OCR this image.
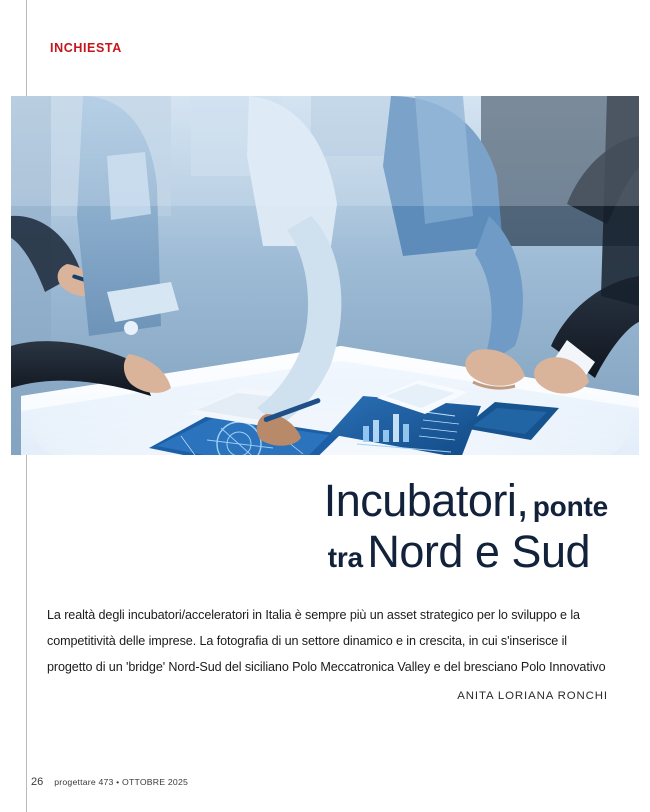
INCHIESTA
Incubatori, ponte
tra Nord e Sud

La realtà degli incubatori/acceleratori in Italia è sempre più un asset strategico per lo sviluppo e la competitività delle imprese. La fotografia di un settore dinamico e in crescita, in cui s'inserisce il progetto di un 'bridge' Nord-Sud del siciliano Polo Meccatronica Valley e del bresciano Polo Innovativo

ANITA LORIANA RONCHI
26 progettare 473 • OTTOBRE 2025
